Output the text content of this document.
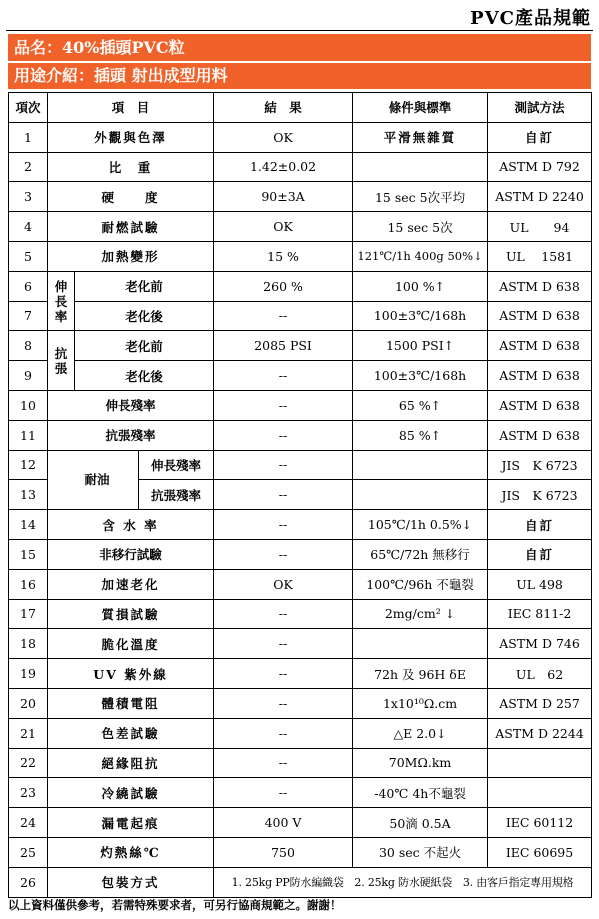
PVC產品規範
品名：40%插頭PVC粒
用途介紹：插頭 射出成型用料
項次	項　目			結　果	條件與標準	測試方法
1	外觀與色澤			OK	平滑無雜質	自訂
2	比　重			1.42±0.02		ASTM D 792
3	硬　　度			90±3A	15 sec 5次平均	ASTM D 2240
4	耐燃試驗			OK	15 sec 5次	UL　　94
5	加熱變形			15 %	121℃/1h 400g 50%↓	UL　 1581
6	伸長率	老化前		260 %	100 %↑	ASTM D 638
7		老化後		--	100±3℃/168h	ASTM D 638
8	抗張	老化前		2085 PSI	1500 PSI↑	ASTM D 638
9		老化後		--	100±3℃/168h	ASTM D 638
10	伸長殘率			--	65 %↑	ASTM D 638
11	抗張殘率			--	85 %↑	ASTM D 638
12	耐油		伸長殘率	--		JIS　K 6723
13			抗張殘率	--		JIS　K 6723
14	含 水 率			--	105℃/1h 0.5%↓	自訂
15	非移行試驗			--	65℃/72h 無移行	自訂
16	加速老化			OK	100℃/96h 不龜裂	UL 498
17	質損試驗			--	2mg/cm² ↓	IEC 811-2
18	脆化溫度			--		ASTM D 746
19	UV 紫外線			--	72h 及 96H δE	UL　62
20	體積電阻			--	1x10¹⁰Ω.cm	ASTM D 257
21	色差試驗			--	△E 2.0↓	ASTM D 2244
22	絕緣阻抗			--	70MΩ.km	
23	冷繞試驗			--	-40℃ 4h不龜裂	
24	漏電起痕			400 V	50滴 0.5A	IEC 60112
25	灼熱絲℃			750	30 sec 不起火	IEC 60695
26	包裝方式			1. 25kg PP防水編織袋　2. 25kg 防水硬紙袋　3. 由客戶指定專用規格		
以上資料僅供參考，若需特殊要求者，可另行協商規範之。謝謝！
